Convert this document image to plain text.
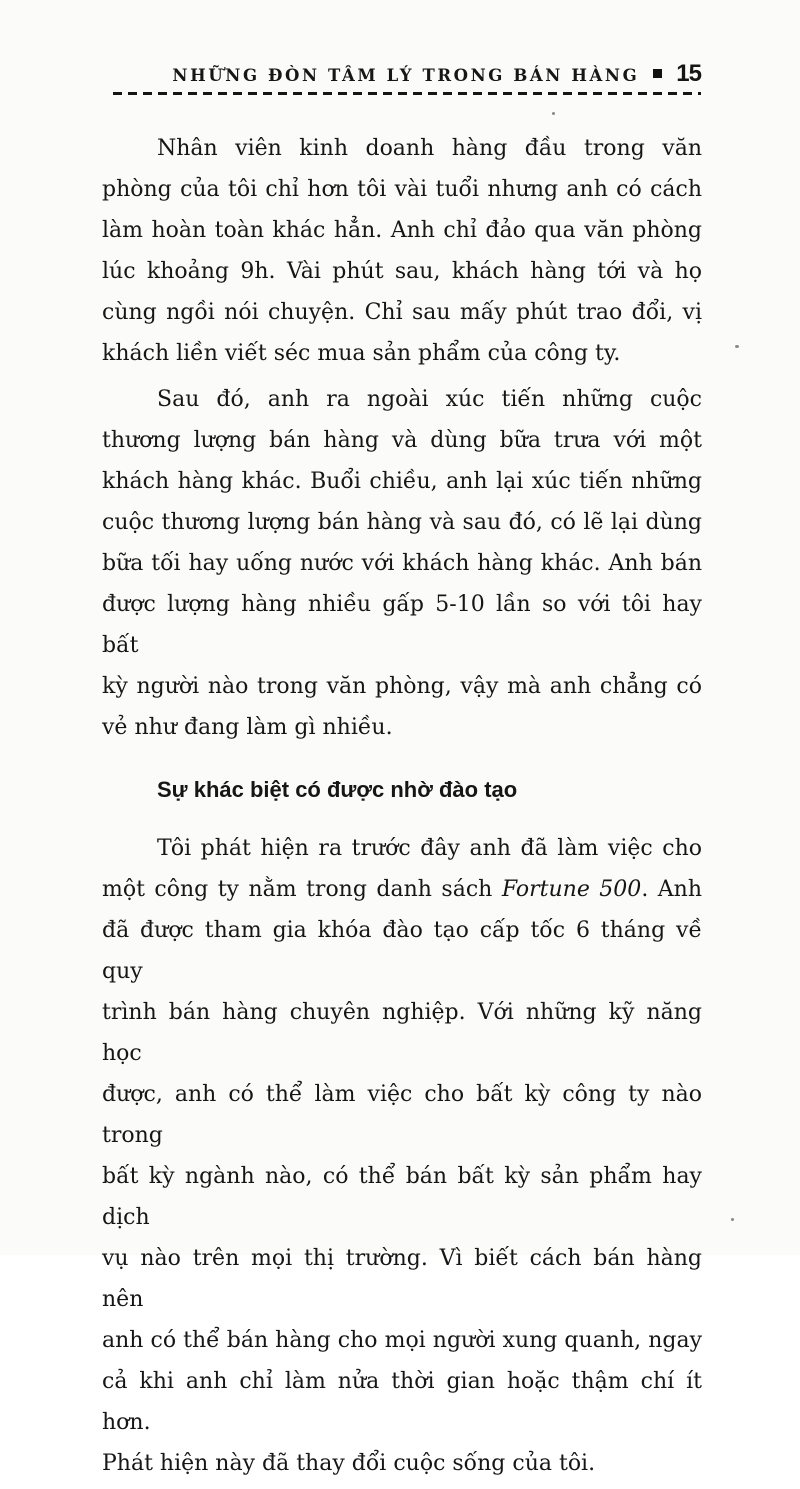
NHỮNG ĐÒN TÂM LÝ TRONG BÁN HÀNG 15
Nhân viên kinh doanh hàng đầu trong văn
phòng của tôi chỉ hơn tôi vài tuổi nhưng anh có cách
làm hoàn toàn khác hẳn. Anh chỉ đảo qua văn phòng
lúc khoảng 9h. Vài phút sau, khách hàng tới và họ
cùng ngồi nói chuyện. Chỉ sau mấy phút trao đổi, vị
khách liền viết séc mua sản phẩm của công ty.
Sau đó, anh ra ngoài xúc tiến những cuộc
thương lượng bán hàng và dùng bữa trưa với một
khách hàng khác. Buổi chiều, anh lại xúc tiến những
cuộc thương lượng bán hàng và sau đó, có lẽ lại dùng
bữa tối hay uống nước với khách hàng khác. Anh bán
được lượng hàng nhiều gấp 5-10 lần so với tôi hay bất
kỳ người nào trong văn phòng, vậy mà anh chẳng có
vẻ như đang làm gì nhiều.
Sự khác biệt có được nhờ đào tạo
Tôi phát hiện ra trước đây anh đã làm việc cho
một công ty nằm trong danh sách Fortune 500. Anh
đã được tham gia khóa đào tạo cấp tốc 6 tháng về quy
trình bán hàng chuyên nghiệp. Với những kỹ năng học
được, anh có thể làm việc cho bất kỳ công ty nào trong
bất kỳ ngành nào, có thể bán bất kỳ sản phẩm hay dịch
vụ nào trên mọi thị trường. Vì biết cách bán hàng nên
anh có thể bán hàng cho mọi người xung quanh, ngay
cả khi anh chỉ làm nửa thời gian hoặc thậm chí ít hơn.
Phát hiện này đã thay đổi cuộc sống của tôi.
